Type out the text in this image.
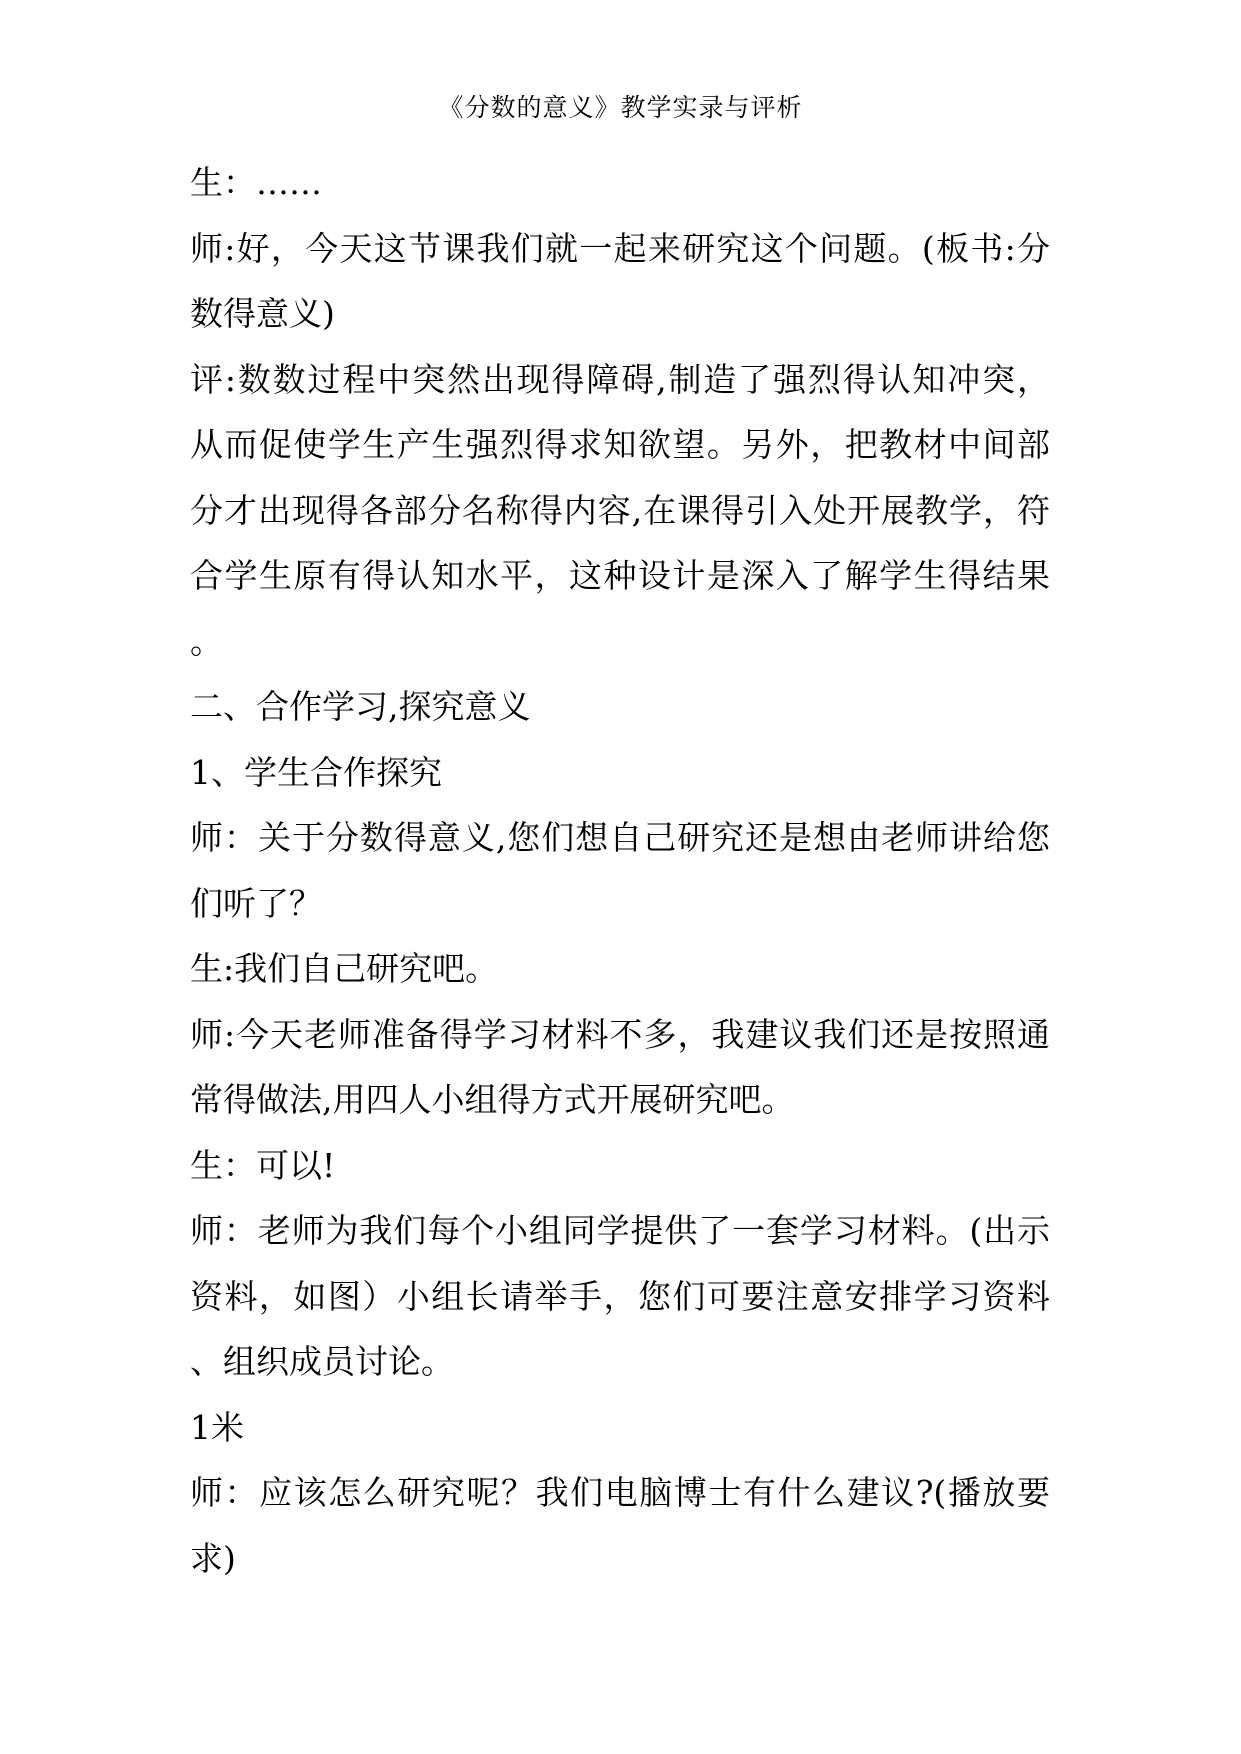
《分数的意义》教学实录与评析
生：……
师:好，今天这节课我们就一起来研究这个问题。(板书:分
数得意义)
评:数数过程中突然出现得障碍,制造了强烈得认知冲突，
从而促使学生产生强烈得求知欲望。另外，把教材中间部
分才出现得各部分名称得内容,在课得引入处开展教学，符
合学生原有得认知水平，这种设计是深入了解学生得结果
。
二、合作学习,探究意义
1、学生合作探究
师：关于分数得意义,您们想自己研究还是想由老师讲给您
们听了？
生:我们自己研究吧。
师:今天老师准备得学习材料不多，我建议我们还是按照通
常得做法,用四人小组得方式开展研究吧。
生：可以!
师：老师为我们每个小组同学提供了一套学习材料。(出示
资料，如图）小组长请举手，您们可要注意安排学习资料
、组织成员讨论。
1米
师：应该怎么研究呢？我们电脑博士有什么建议?(播放要
求)
